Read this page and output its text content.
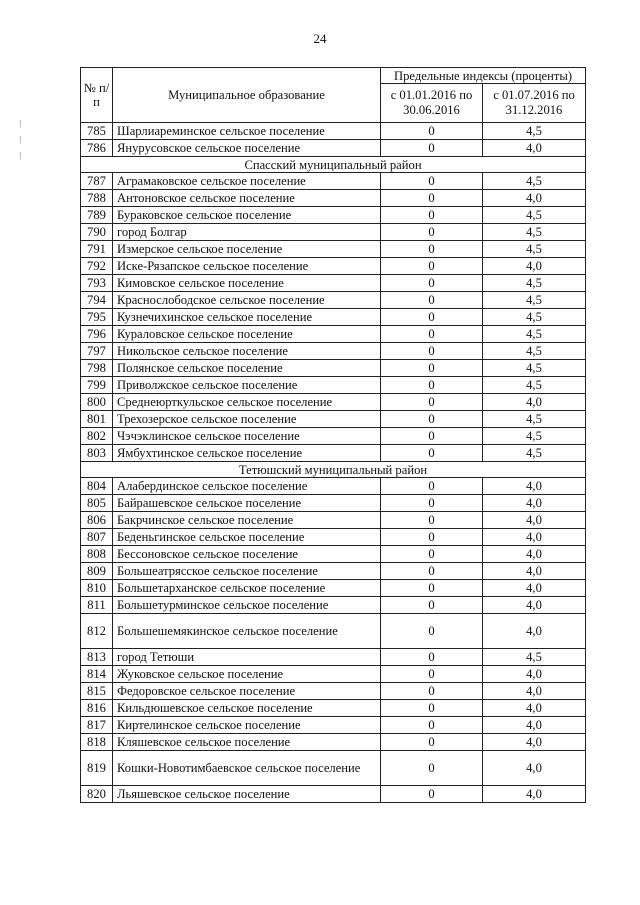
24
№ п/п	Муниципальное образование	Предельные индексы (проценты)	
		с 01.01.2016 по 30.06.2016	с 01.07.2016 по 31.12.2016
785	Шарлиареминское сельское поселение	0	4,5
786	Янурусовское сельское поселение	0	4,0
Спасский муниципальный район			
787	Аграмаковское сельское поселение	0	4,5
788	Антоновское сельское поселение	0	4,0
789	Бураковское сельское поселение	0	4,5
790	город Болгар	0	4,5
791	Измерское сельское поселение	0	4,5
792	Иске-Рязапское сельское поселение	0	4,0
793	Кимовское сельское поселение	0	4,5
794	Краснослободское сельское поселение	0	4,5
795	Кузнечихинское сельское поселение	0	4,5
796	Кураловское сельское поселение	0	4,5
797	Никольское сельское поселение	0	4,5
798	Полянское сельское поселение	0	4,5
799	Приволжское сельское поселение	0	4,5
800	Среднеюрткульское сельское поселение	0	4,0
801	Трехозерское сельское поселение	0	4,5
802	Чэчэклинское сельское поселение	0	4,5
803	Ямбухтинское сельское поселение	0	4,5
Тетюшский муниципальный район			
804	Алабердинское сельское поселение	0	4,0
805	Байрашевское сельское поселение	0	4,0
806	Бакрчинское сельское поселение	0	4,0
807	Беденьгинское сельское поселение	0	4,0
808	Бессоновское сельское поселение	0	4,0
809	Большеатрясское сельское поселение	0	4,0
810	Большетарханское сельское поселение	0	4,0
811	Большетурминское сельское поселение	0	4,0
812	Большешемякинское сельское поселение	0	4,0
813	город Тетюши	0	4,5
814	Жуковское сельское поселение	0	4,0
815	Федоровское сельское поселение	0	4,0
816	Кильдюшевское сельское поселение	0	4,0
817	Киртелинское сельское поселение	0	4,0
818	Кляшевское сельское поселение	0	4,0
819	Кошки-Новотимбаевское сельское поселение	0	4,0
820	Льяшевское сельское поселение	0	4,0
